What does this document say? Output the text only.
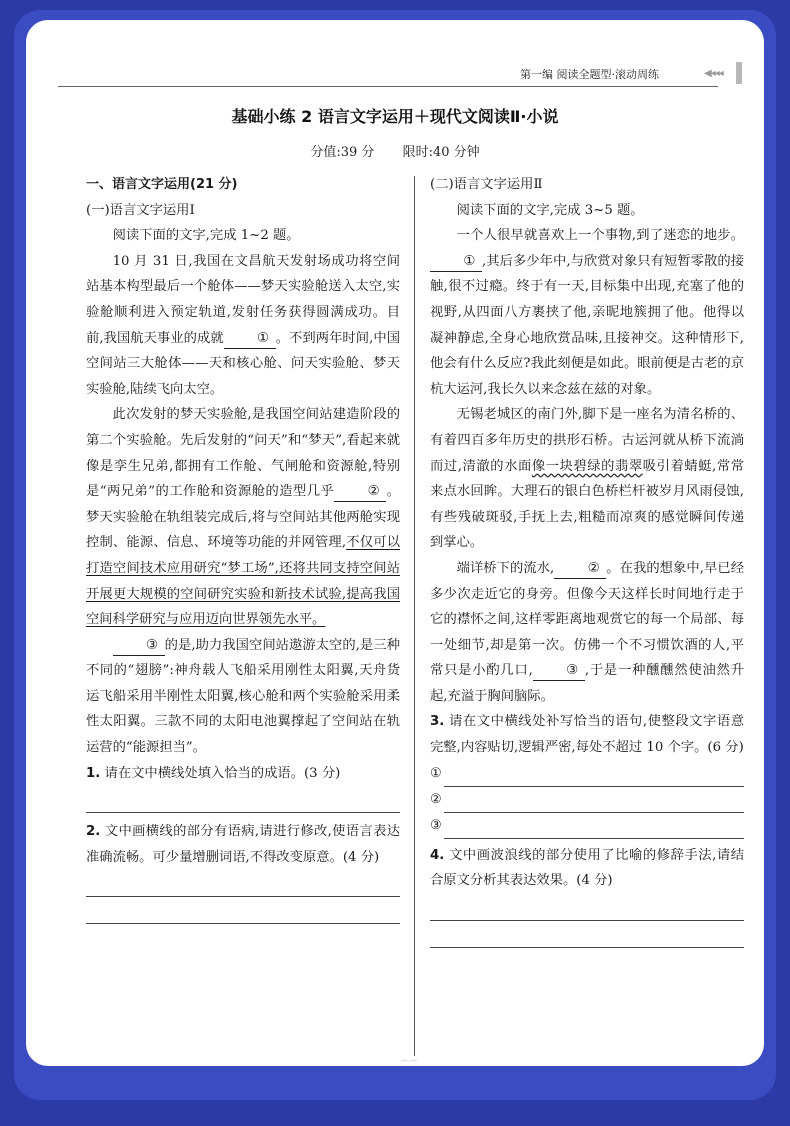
第一编 阅读全题型·滚动周练	◀◂◂◂
基础小练 2 语言文字运用＋现代文阅读Ⅱ·小说
分值:39 分 限时:40 分钟
一、语言文字运用(21 分)
(一)语言文字运用Ⅰ

阅读下面的文字,完成 1~2 题。

10 月 31 日,我国在文昌航天发射场成功将空间站基本构型最后一个舱体——梦天实验舱送入太空,实验舱顺利进入预定轨道,发射任务获得圆满成功。目前,我国航天事业的成就	① 。不到两年时间,中国空间站三大舱体——天和核心舱、问天实验舱、梦天实验舱,陆续飞向太空。

此次发射的梦天实验舱,是我国空间站建造阶段的第二个实验舱。先后发射的“问天”和“梦天”,看起来就像是孪生兄弟,都拥有工作舱、气闸舱和资源舱,特别是“两兄弟”的工作舱和资源舱的造型几乎	② 。梦天实验舱在轨组装完成后,将与空间站其他两舱实现控制、能源、信息、环境等功能的并网管理,不仅可以打造空间技术应用研究“梦工场”,还将共同支持空间站开展更大规模的空间研究实验和新技术试验,提高我国空间科学研究与应用迈向世界领先水平。

③ 的是,助力我国空间站遨游太空的,是三种不同的“翅膀”:神舟载人飞船采用刚性太阳翼,天舟货运飞船采用半刚性太阳翼,核心舱和两个实验舱采用柔性太阳翼。三款不同的太阳电池翼撑起了空间站在轨运营的“能源担当”。

1. 请在文中横线处填入恰当的成语。(3 分)

2. 文中画横线的部分有语病,请进行修改,使语言表达准确流畅。可少量增删词语,不得改变原意。(4 分)

(二)语言文字运用Ⅱ

阅读下面的文字,完成 3~5 题。

一个人很早就喜欢上一个事物,到了迷恋的地步。① ,其后多少年中,与欣赏对象只有短暂零散的接触,很不过瘾。终于有一天,目标集中出现,充塞了他的视野,从四面八方裹挟了他,亲昵地簇拥了他。他得以凝神静虑,全身心地欣赏品味,且接神交。这种情形下,他会有什么反应?我此刻便是如此。眼前便是古老的京杭大运河,我长久以来念兹在兹的对象。

无锡老城区的南门外,脚下是一座名为清名桥的、有着四百多年历史的拱形石桥。古运河就从桥下流淌而过,清澈的水面像一块碧绿的翡翠吸引着蜻蜓,常常来点水回眸。大理石的银白色桥栏杆被岁月风雨侵蚀,有些残破斑驳,手抚上去,粗糙而凉爽的感觉瞬间传递到掌心。

端详桥下的流水,	② 。在我的想象中,早已经多少次走近它的身旁。但像今天这样长时间地行走于它的襟怀之间,这样零距离地观赏它的每一个局部、每一处细节,却是第一次。仿佛一个不习惯饮酒的人,平常只是小酌几口,	③ ,于是一种醺醺然使油然升起,充溢于胸间脑际。

3. 请在文中横线处补写恰当的语句,使整段文字语意完整,内容贴切,逻辑严密,每处不超过 10 个字。(6 分)

①
②
③

4. 文中画波浪线的部分使用了比喻的修辞手法,请结合原文分析其表达效果。(4 分)

⌒⌒
